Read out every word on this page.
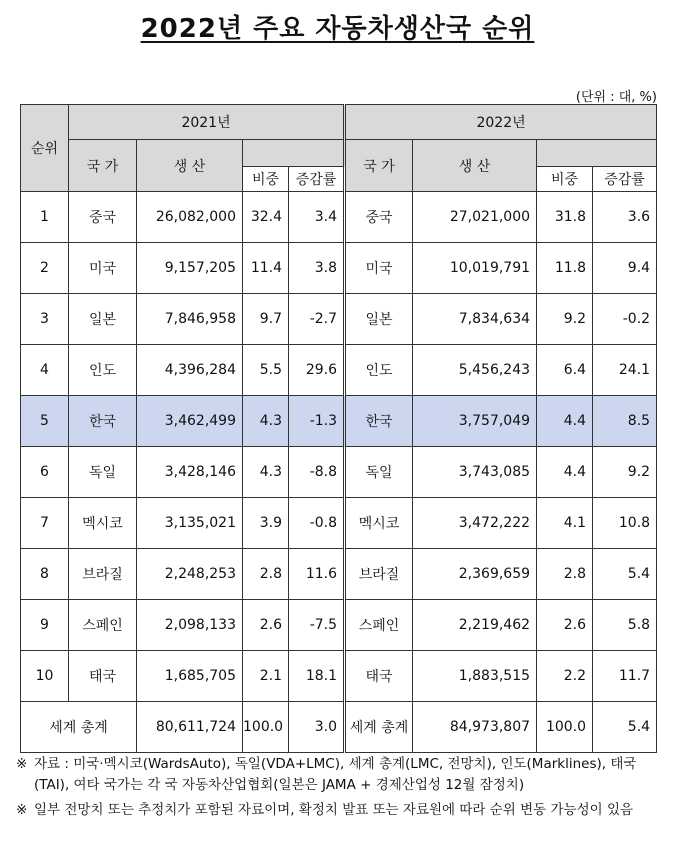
2022년 주요 자동차생산국 순위
(단위 : 대, %)
순위	2021년				2022년			
	국 가	생 산			국 가	생 산		
			비중	증감률			비중	증감률
1	중국	26,082,000	32.4	3.4	중국	27,021,000	31.8	3.6
2	미국	9,157,205	11.4	3.8	미국	10,019,791	11.8	9.4
3	일본	7,846,958	9.7	-2.7	일본	7,834,634	9.2	-0.2
4	인도	4,396,284	5.5	29.6	인도	5,456,243	6.4	24.1
5	한국	3,462,499	4.3	-1.3	한국	3,757,049	4.4	8.5
6	독일	3,428,146	4.3	-8.8	독일	3,743,085	4.4	9.2
7	멕시코	3,135,021	3.9	-0.8	멕시코	3,472,222	4.1	10.8
8	브라질	2,248,253	2.8	11.6	브라질	2,369,659	2.8	5.4
9	스페인	2,098,133	2.6	-7.5	스페인	2,219,462	2.6	5.8
10	태국	1,685,705	2.1	18.1	태국	1,883,515	2.2	11.7
세계 총계		80,611,724	100.0	3.0	세계 총계	84,973,807	100.0	5.4
※ 자료 : 미국·멕시코(WardsAuto), 독일(VDA+LMC), 세계 총계(LMC, 전망치), 인도(Marklines), 태국(TAI), 여타 국가는 각 국 자동차산업협회(일본은 JAMA + 경제산업성 12월 잠정치)
※ 일부 전망치 또는 추정치가 포함된 자료이며, 확정치 발표 또는 자료원에 따라 순위 변동 가능성이 있음
